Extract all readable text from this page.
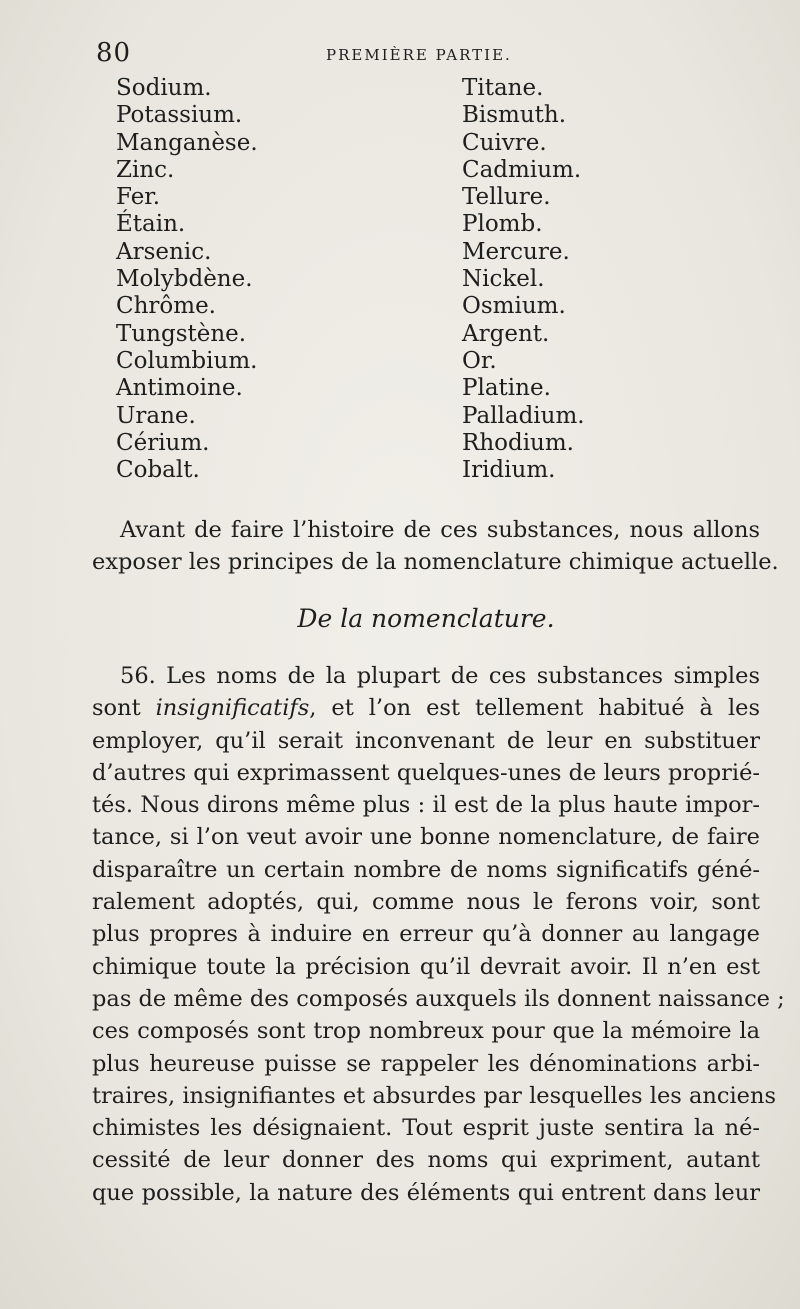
80	PREMIÈRE PARTIE.
Sodium.
Potassium.
Manganèse.
Zinc.
Fer.
Étain.
Arsenic.
Molybdène.
Chrôme.
Tungstène.
Columbium.
Antimoine.
Urane.
Cérium.
Cobalt.
Titane.
Bismuth.
Cuivre.
Cadmium.
Tellure.
Plomb.
Mercure.
Nickel.
Osmium.
Argent.
Or.
Platine.
Palladium.
Rhodium.
Iridium.

Avant de faire l’histoire de ces substances, nous allons
exposer les principes de la nomenclature chimique actuelle.

De la nomenclature.

56. Les noms de la plupart de ces substances simples
sont insignificatifs, et l’on est tellement habitué à les
employer, qu’il serait inconvenant de leur en substituer
d’autres qui exprimassent quelques-unes de leurs proprié-
tés. Nous dirons même plus : il est de la plus haute impor-
tance, si l’on veut avoir une bonne nomenclature, de faire
disparaître un certain nombre de noms significatifs géné-
ralement adoptés, qui, comme nous le ferons voir, sont
plus propres à induire en erreur qu’à donner au langage
chimique toute la précision qu’il devrait avoir. Il n’en est
pas de même des composés auxquels ils donnent naissance ;
ces composés sont trop nombreux pour que la mémoire la
plus heureuse puisse se rappeler les dénominations arbi-
traires, insignifiantes et absurdes par lesquelles les anciens
chimistes les désignaient. Tout esprit juste sentira la né-
cessité de leur donner des noms qui expriment, autant
que possible, la nature des éléments qui entrent dans leur
